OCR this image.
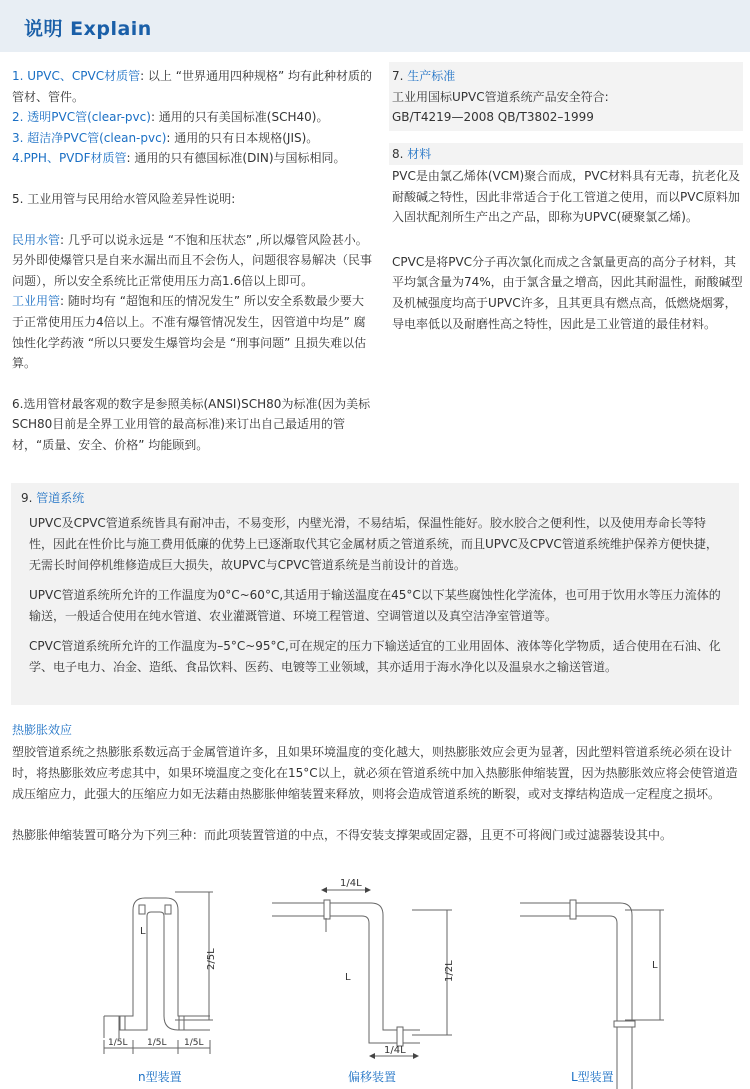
说明 Explain

1. UPVC、CPVC材质管: 以上 “世界通用四种规格” 均有此种材质的管材、管件。

2. 透明PVC管(clear-pvc): 通用的只有美国标准(SCH40)。

3. 超洁净PVC管(clean-pvc): 通用的只有日本规格(JIS)。

4.PPH、PVDF材质管: 通用的只有德国标准(DIN)与国标相同。

5. 工业用管与民用给水管风险差异性说明:

民用水管: 几乎可以说永远是 “不饱和压状态” ,所以爆管风险甚小。另外即使爆管只是自来水漏出而且不会伤人，问题很容易解决（民事问题），所以安全系统比正常使用压力高1.6倍以上即可。

工业用管: 随时均有 “超饱和压的情况发生” 所以安全系数最少要大于正常使用压力4倍以上。不准有爆管情况发生，因管道中均是” 腐蚀性化学药液 “所以只要发生爆管均会是 “刑事问题” 且损失难以估算。

6.选用管材最客观的数字是参照美标(ANSI)SCH80为标准(因为美标SCH80目前是全界工业用管的最高标准)来订出自己最适用的管材，“质量、安全、价格” 均能顾到。

7. 生产标准
工业用国标UPVC管道系统产品安全符合:
GB/T4219—2008 QB/T3802–1999
8. 材料
PVC是由氯乙烯体(VCM)聚合而成，PVC材料具有无毒，抗老化及耐酸碱之特性，因此非常适合于化工管道之使用，而以PVC原料加入固状配剂所生产出之产品，即称为UPVC(硬聚氯乙烯)。
CPVC是将PVC分子再次氯化而成之含氯量更高的高分子材料，其平均氯含量为74%，由于氯含量之增高，因此其耐温性，耐酸碱型及机械强度均高于UPVC许多，且其更具有燃点高，低燃烧烟雾，导电率低以及耐磨性高之特性，因此是工业管道的最佳材料。
9. 管道系统
UPVC及CPVC管道系统皆具有耐冲击，不易变形，内壁光滑，不易结垢，保温性能好。胶水胶合之便利性，以及使用寿命长等特性，因此在性价比与施工费用低廉的优势上已逐渐取代其它金属材质之管道系统，而且UPVC及CPVC管道系统维护保养方便快捷，无需长时间停机维修造成巨大损失，故UPVC与CPVC管道系统是当前设计的首选。
UPVC管道系统所允许的工作温度为0°C~60°C,其适用于输送温度在45°C以下某些腐蚀性化学流体，也可用于饮用水等压力流体的输送，一般适合使用在纯水管道、农业灌溉管道、环境工程管道、空调管道以及真空洁净室管道等。
CPVC管道系统所允许的工作温度为–5°C~95°C,可在规定的压力下输送适宜的工业用固体、液体等化学物质，适合使用在石油、化学、电子电力、冶金、造纸、食品饮料、医药、电镀等工业领域，其亦适用于海水净化以及温泉水之输送管道。
热膨胀效应
塑胶管道系统之热膨胀系数远高于金属管道许多，且如果环境温度的变化越大，则热膨胀效应会更为显著，因此塑料管道系统必须在设计时，将热膨胀效应考虑其中，如果环境温度之变化在15°C以上，就必须在管道系统中加入热膨胀伸缩装置，因为热膨胀效应将会使管道造成压缩应力，此强大的压缩应力如无法藉由热膨胀伸缩装置来释放，则将会造成管道系统的断裂，或对支撑结构造成一定程度之损坏。
热膨胀伸缩装置可略分为下列三种：而此项装置管道的中点，不得安装支撑架或固定器，且更不可将阀门或过滤器装设其中。
L
2/5L
1/5L 1/5L 1/5L
1/4L
1/4L
L	1/2L	L
n型装置	偏移装置	L型装置
